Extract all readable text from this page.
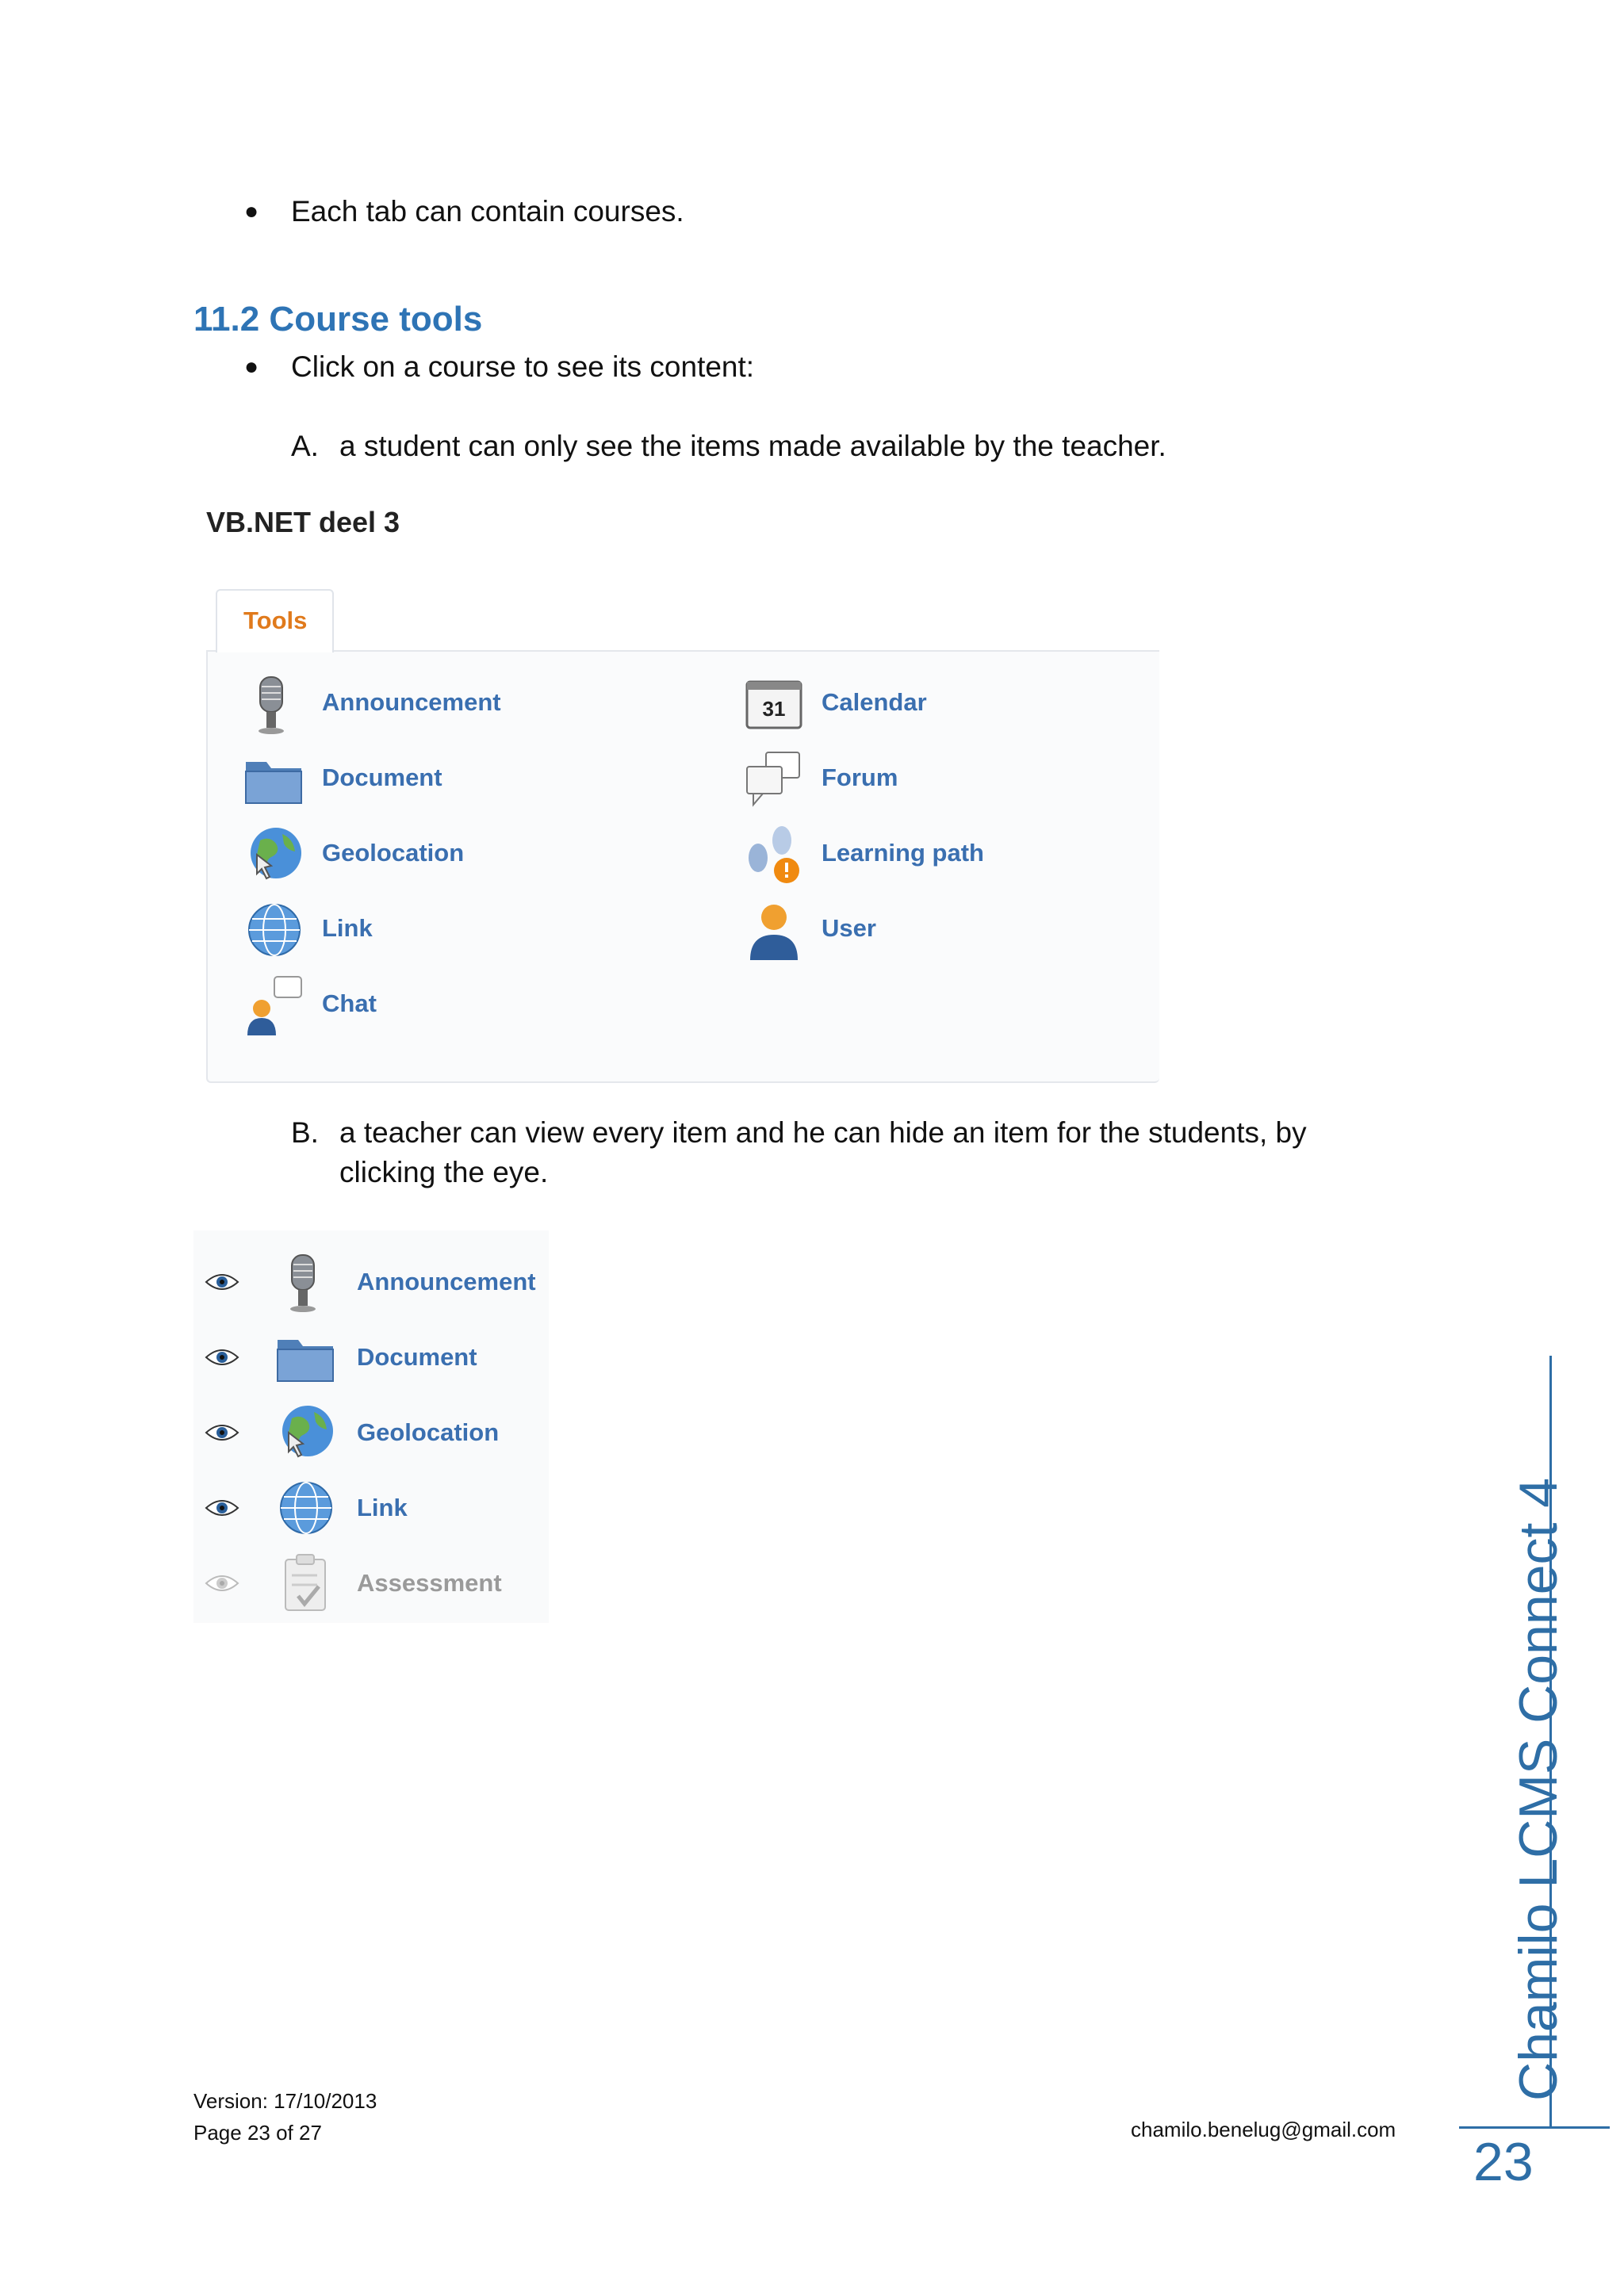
● Each tab can contain courses.
11.2 Course tools
● Click on a course to see its content:
A. a student can only see the items made available by the teacher.
VB.NET deel 3
Tools
Announcement
Document
Geolocation
Link
Chat
31 Calendar
Forum
Learning path
User
B. a teacher can view every item and he can hide an item for the students, by
clicking the eye.
Announcement
Document
Geolocation
Link
Assessment
Version: 17/10/2013
Page 23 of 27	chamilo.benelug@gmail.com
Chamilo LCMS Connect 4
23
